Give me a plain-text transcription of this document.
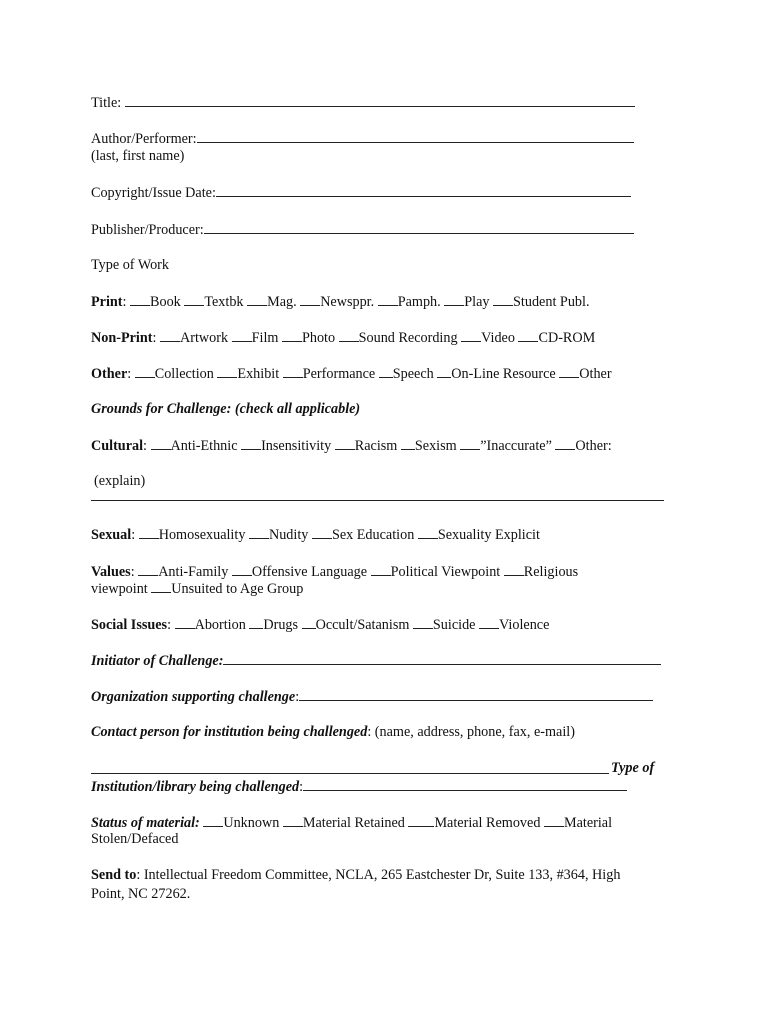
Title:
Author/Performer:
(last, first name)
Copyright/Issue Date:
Publisher/Producer:
Type of Work
Print: Book Textbk Mag. Newsppr. Pamph. Play Student Publ.
Non-Print: Artwork Film Photo Sound Recording Video CD-ROM
Other: Collection Exhibit Performance Speech On-Line Resource Other
Grounds for Challenge: (check all applicable)
Cultural: Anti-Ethnic Insensitivity Racism Sexism ”Inaccurate” Other:
(explain)
Sexual: Homosexuality Nudity Sex Education Sexuality Explicit
Values: Anti-Family Offensive Language Political Viewpoint Religious
viewpoint Unsuited to Age Group
Social Issues: Abortion Drugs Occult/Satanism Suicide Violence
Initiator of Challenge:
Organization supporting challenge:
Contact person for institution being challenged: (name, address, phone, fax, e-mail)
Type of
Institution/library being challenged:
Status of material: Unknown Material Retained Material Removed Material
Stolen/Defaced
Send to: Intellectual Freedom Committee, NCLA, 265 Eastchester Dr, Suite 133, #364, High
Point, NC 27262.
